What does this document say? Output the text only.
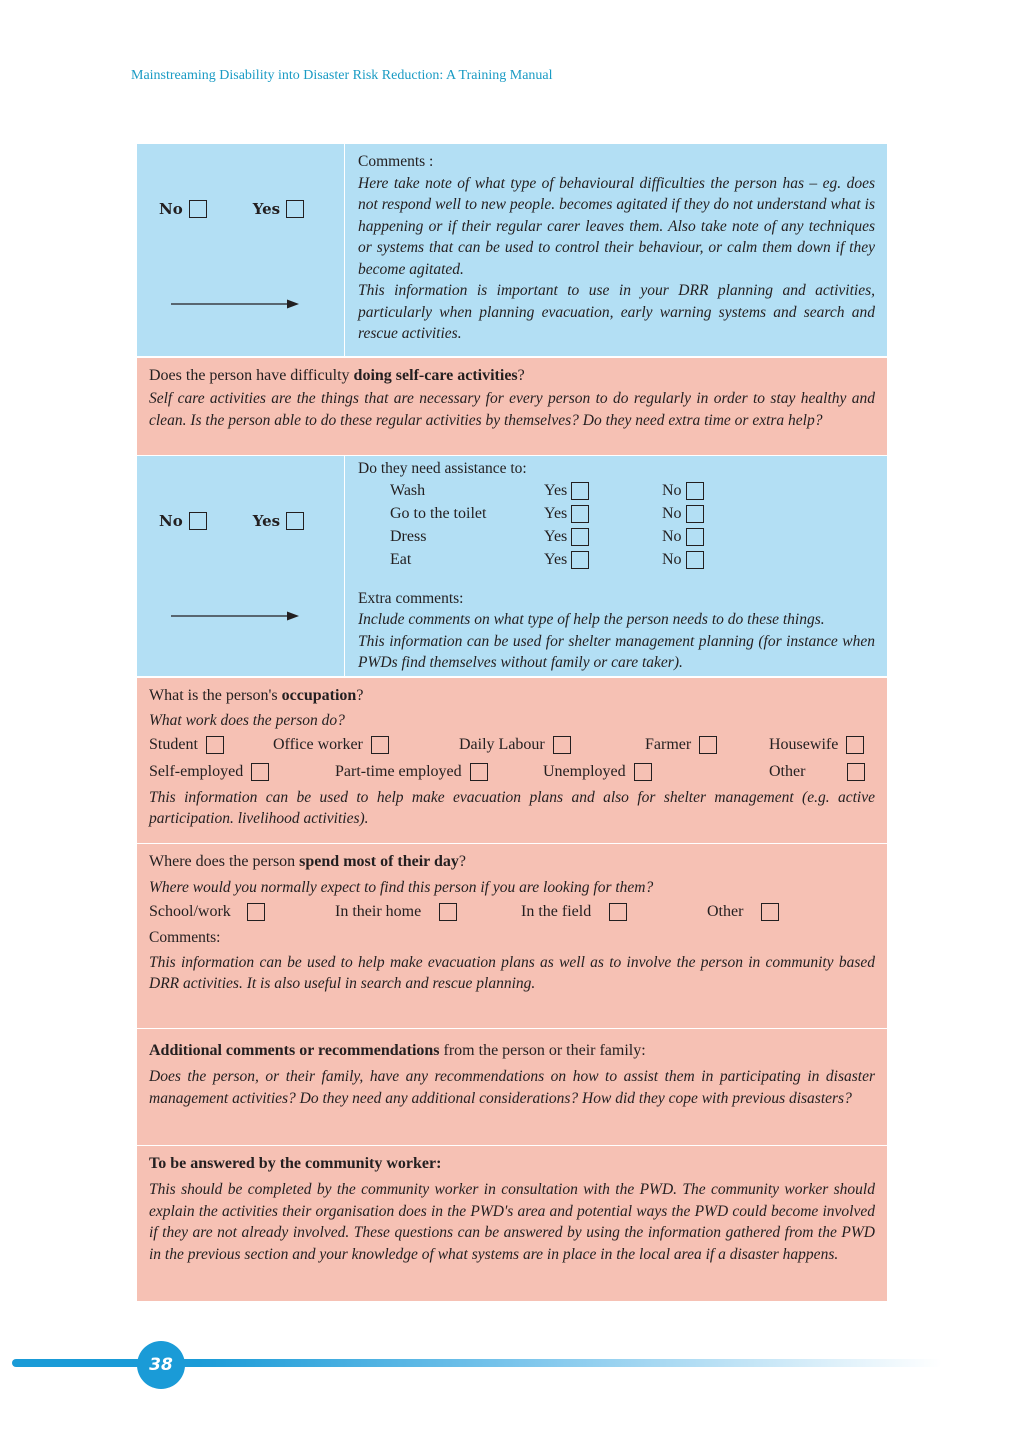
Mainstreaming Disability into Disaster Risk Reduction: A Training Manual
No	Yes
Comments :
Here take note of what type of behavioural difficulties the person has – eg. does not respond well to new people. becomes agitated if they do not understand what is happening or if their regular carer leaves them. Also take note of any techniques or systems that can be used to control their behaviour, or calm them down if they become agitated.
This information is important to use in your DRR planning and activities, particularly when planning evacuation, early warning systems and search and rescue activities.
Does the person have difficulty doing self-care activities?
Self care activities are the things that are necessary for every person to do regularly in order to stay healthy and clean. Is the person able to do these regular activities by themselves? Do they need extra time or extra help?
No	Yes
Do they need assistance to:
Wash	Yes	No
Go to the toilet	Yes	No
Dress	Yes	No
Eat	Yes	No
Extra comments:
Include comments on what type of help the person needs to do these things.
This information can be used for shelter management planning (for instance when PWDs find themselves without family or care taker).
What is the person's occupation?
What work does the person do?
Student	Office worker	Daily Labour	Farmer	Housewife
Self-employed	Part-time employed	Unemployed	Other
This information can be used to help make evacuation plans and also for shelter management (e.g. active participation. livelihood activities).
Where does the person spend most of their day?
Where would you normally expect to find this person if you are looking for them?
School/work	In their home	In the field	Other
Comments:
This information can be used to help make evacuation plans as well as to involve the person in community based DRR activities. It is also useful in search and rescue planning.
Additional comments or recommendations from the person or their family:
Does the person, or their family, have any recommendations on how to assist them in participating in disaster management activities? Do they need any additional considerations? How did they cope with previous disasters?
To be answered by the community worker:
This should be completed by the community worker in consultation with the PWD. The community worker should explain the activities their organisation does in the PWD's area and potential ways the PWD could become involved if they are not already involved. These questions can be answered by using the information gathered from the PWD in the previous section and your knowledge of what systems are in place in the local area if a disaster happens.
38
